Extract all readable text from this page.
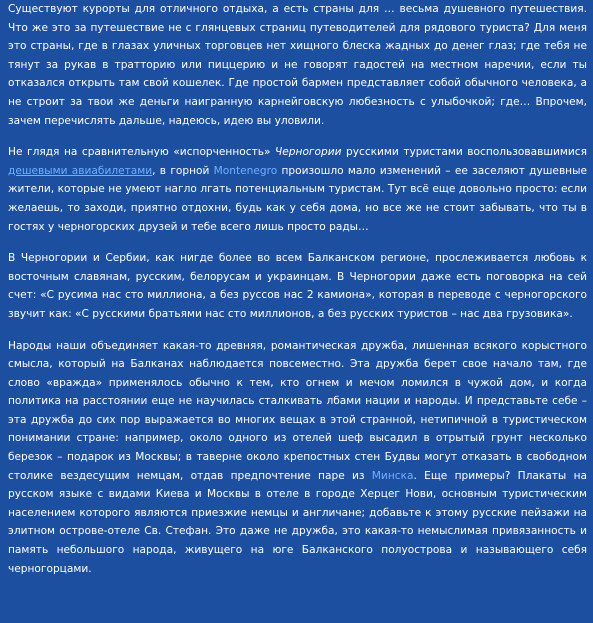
Существуют курорты для отличного отдыха, а есть страны для … весьма душевного путешествия. Что же это за путешествие не с глянцевых страниц путеводителей для рядового туриста? Для меня это страны, где в глазах уличных торговцев нет хищного блеска жадных до денег глаз; где тебя не тянут за рукав в тратторию или пиццерию и не говорят гадостей на местном наречии, если ты отказался открыть там свой кошелек. Где простой бармен представляет собой обычного человека, а не строит за твои же деньги наигранную карнейговскую любезность с улыбочкой; где… Впрочем, зачем перечислять дальше, надеюсь, идею вы уловили.

Не глядя на сравнительную «испорченность» Черногории русскими туристами воспользовавшимися дешевыми авиабилетами, в горной Montenegro произошло мало изменений – ее заселяют душевные жители, которые не умеют нагло лгать потенциальным туристам. Тут всё еще довольно просто: если желаешь, то заходи, приятно отдохни, будь как у себя дома, но все же не стоит забывать, что ты в гостях у черногорских друзей и тебе всего лишь просто рады…

В Черногории и Сербии, как нигде более во всем Балканском регионе, прослеживается любовь к восточным славянам, русским, белорусам и украинцам. В Черногории даже есть поговорка на сей счет: «С русима нас сто миллиона, а без руссов нас 2 камиона», которая в переводе с черногорского звучит как: «С русскими братьями нас сто миллионов, а без русских туристов – нас два грузовика».

Народы наши объединяет какая-то древняя, романтическая дружба, лишенная всякого корыстного смысла, который на Балканах наблюдается повсеместно. Эта дружба берет свое начало там, где слово «вражда» применялось обычно к тем, кто огнем и мечом ломился в чужой дом, и когда политика на расстоянии еще не научилась сталкивать лбами нации и народы. И представьте себе – эта дружба до сих пор выражается во многих вещах в этой странной, нетипичной в туристическом понимании стране: например, около одного из отелей шеф высадил в отрытый грунт несколько березок – подарок из Москвы; в таверне около крепостных стен Будвы могут отказать в свободном столике вездесущим немцам, отдав предпочтение паре из Минска. Еще примеры? Плакаты на русском языке с видами Киева и Москвы в отеле в городе Херцег Нови, основным туристическим населением которого являются приезжие немцы и англичане; добавьте к этому русские пейзажи на элитном острове-отеле Св. Стефан. Это даже не дружба, это какая-то немыслимая привязанность и память небольшого народа, живущего на юге Балканского полуострова и называющего себя черногорцами.
